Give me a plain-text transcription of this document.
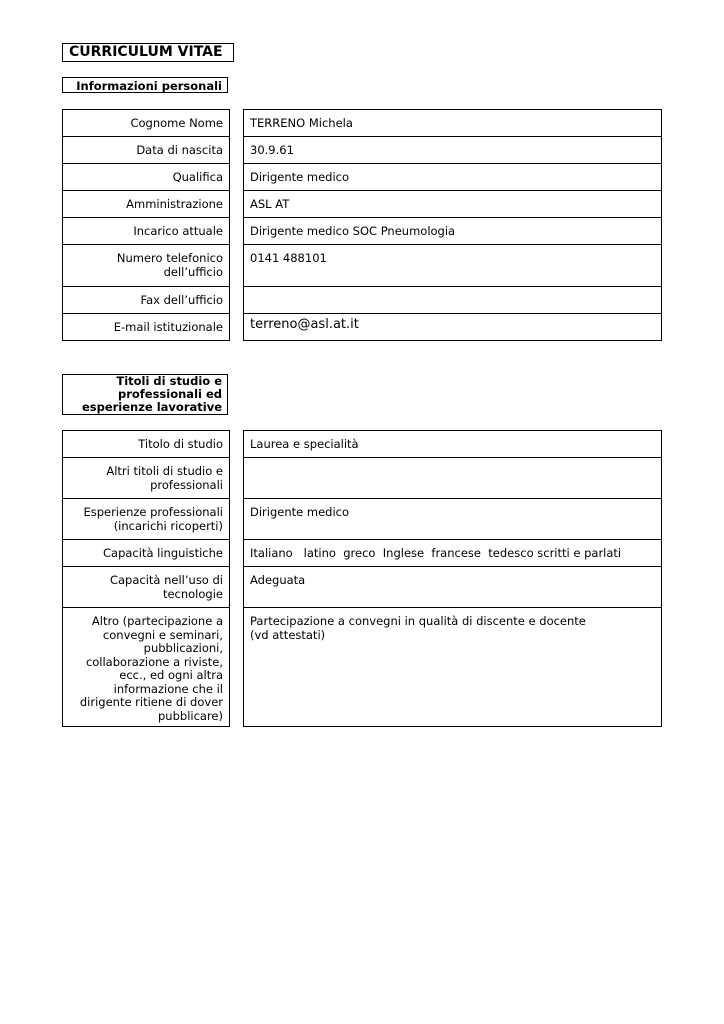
CURRICULUM VITAE
Informazioni personali
Cognome Nome
Data di nascita
Qualifica
Amministrazione
Incarico attuale
Numero telefonico dell’ufficio
Fax dell’ufficio
E-mail istituzionale
TERRENO Michela
30.9.61
Dirigente medico
ASL AT
Dirigente medico SOC Pneumologia
0141 488101
terreno@asl.at.it
Titoli di studio e professionali ed esperienze lavorative
Titolo di studio
Altri titoli di studio e professionali
Esperienze professionali (incarichi ricoperti)
Capacità linguistiche
Capacità nell’uso di tecnologie
Altro (partecipazione a convegni e seminari, pubblicazioni, collaborazione a riviste, ecc., ed ogni altra informazione che il dirigente ritiene di dover pubblicare)
Laurea e specialità
Dirigente medico
Italiano   latino  greco  Inglese  francese  tedesco scritti e parlati
Adeguata
Partecipazione a convegni in qualità di discente e docente (vd attestati)
